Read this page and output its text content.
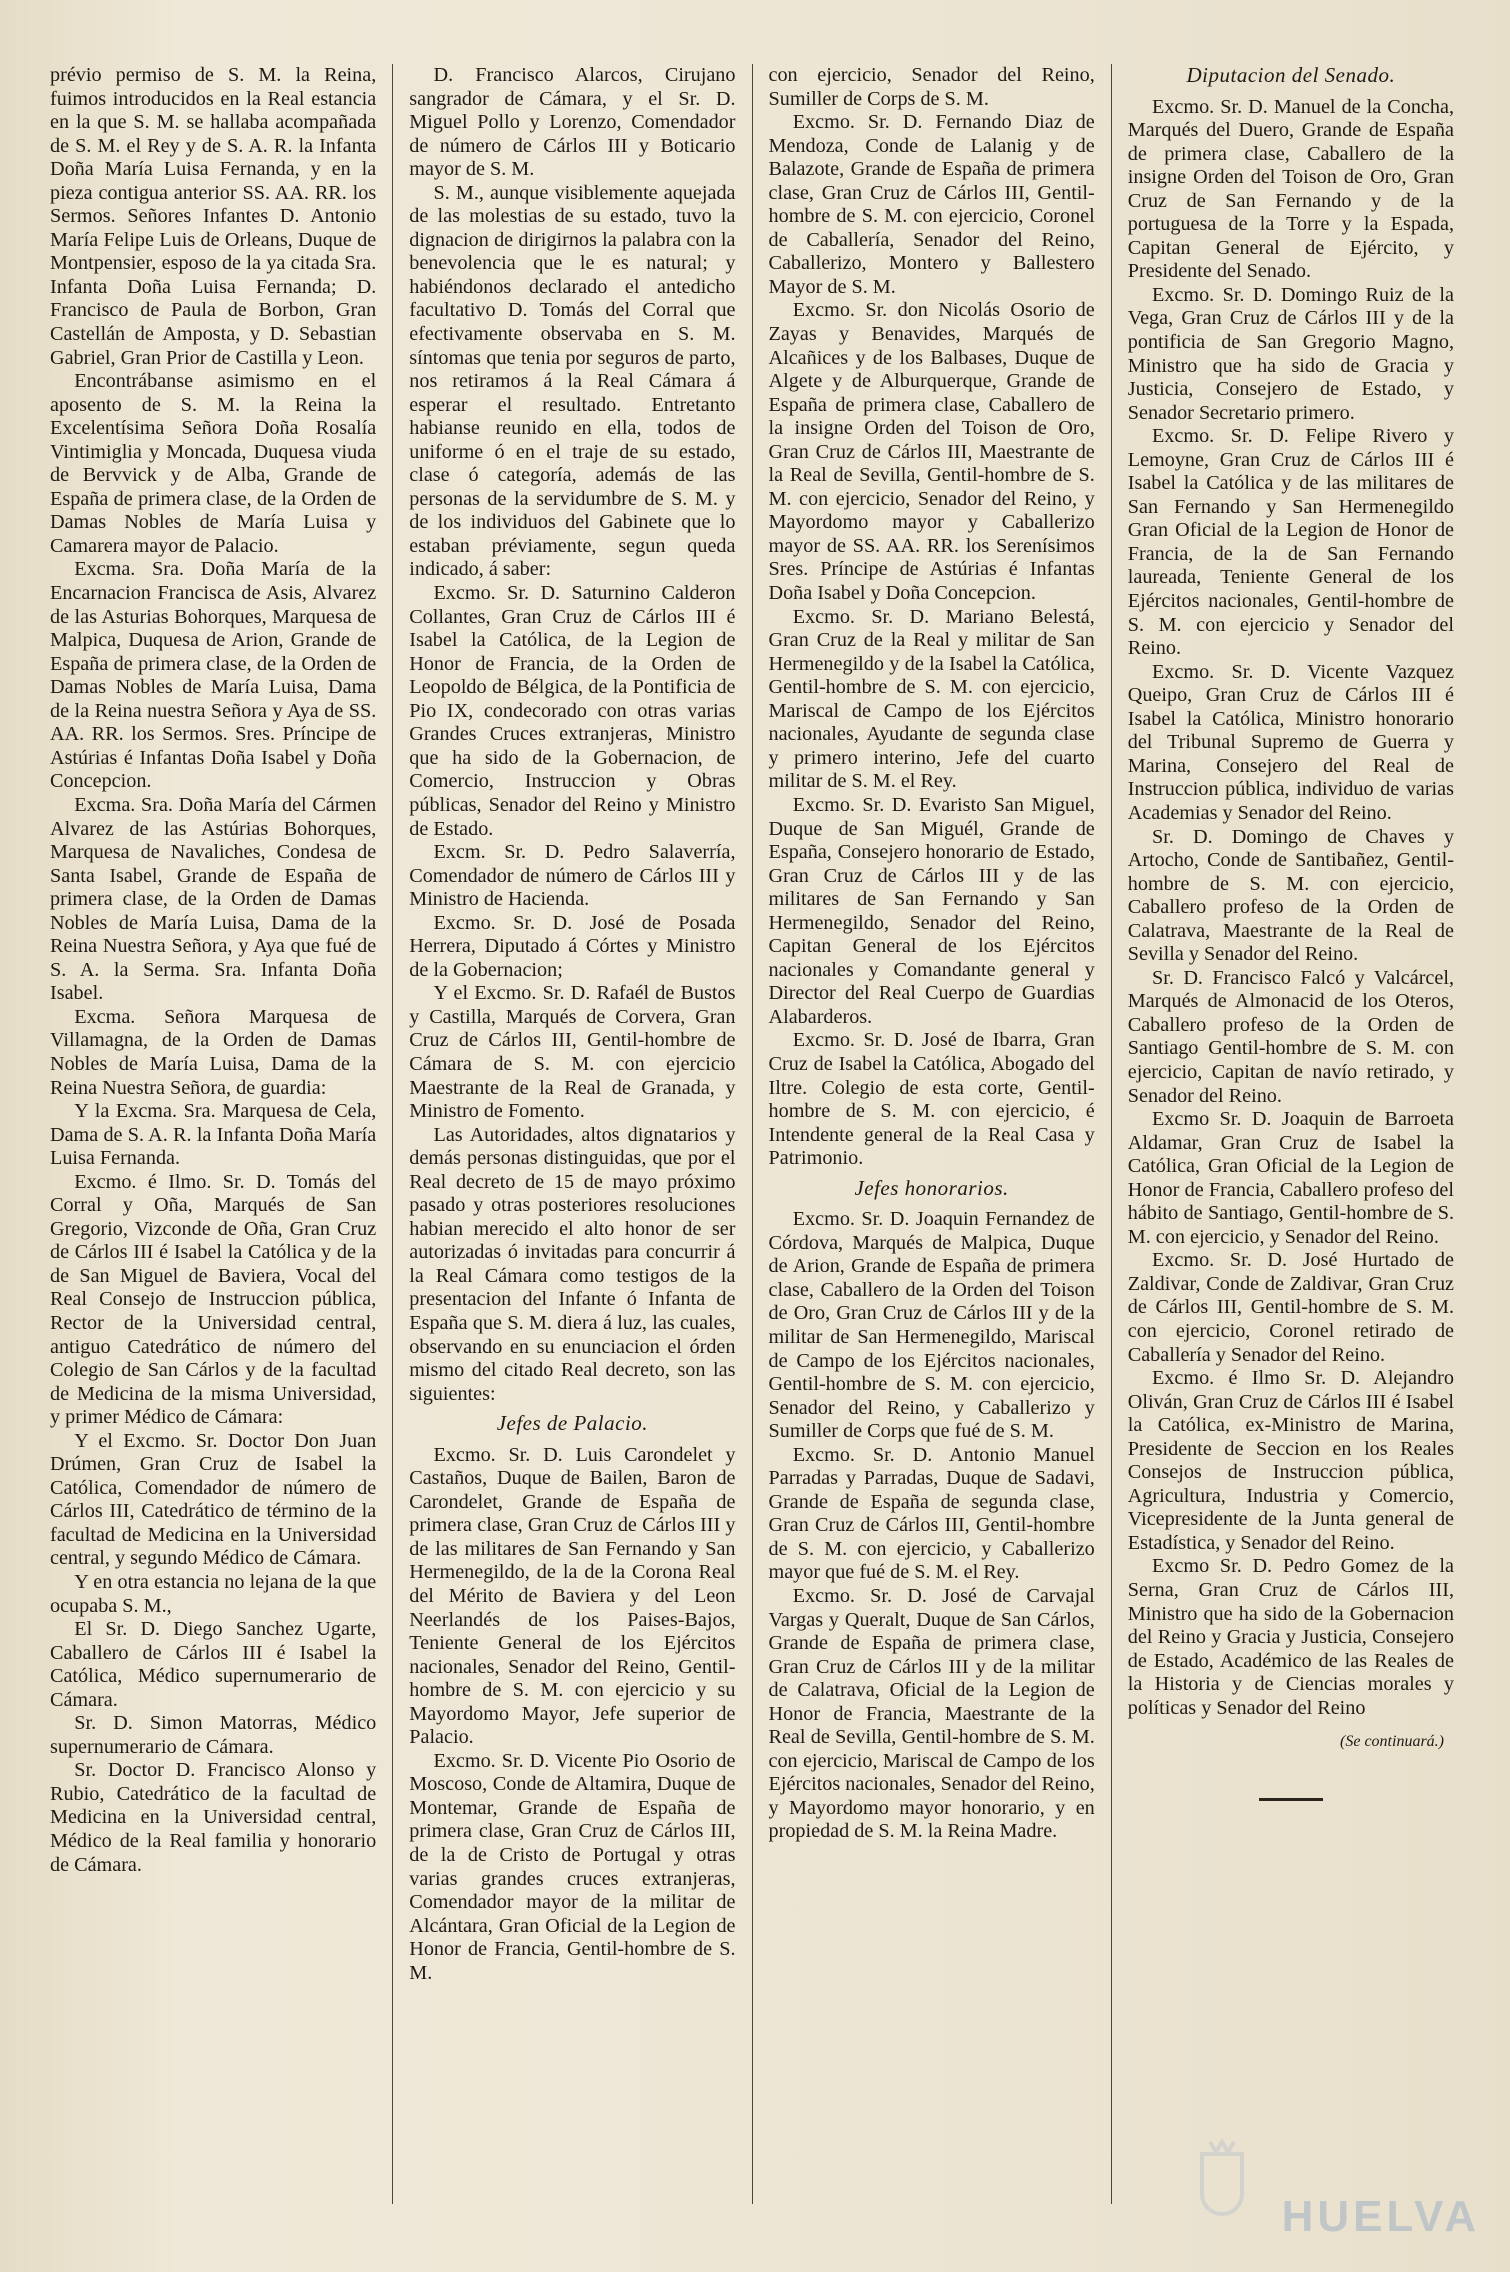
prévio permiso de S. M. la Reina, fuimos introducidos en la Real estancia en la que S. M. se hallaba acompañada de S. M. el Rey y de S. A. R. la Infanta Doña María Luisa Fernanda, y en la pieza contigua anterior SS. AA. RR. los Sermos. Señores Infantes D. Antonio María Felipe Luis de Orleans, Duque de Montpensier, esposo de la ya citada Sra. Infanta Doña Luisa Fernanda; D. Francisco de Paula de Borbon, Gran Castellán de Amposta, y D. Sebastian Gabriel, Gran Prior de Castilla y Leon.

Encontrábanse asimismo en el aposento de S. M. la Reina la Excelentísima Señora Doña Rosalía Vintimiglia y Moncada, Duquesa viuda de Bervvick y de Alba, Grande de España de primera clase, de la Orden de Damas Nobles de María Luisa y Camarera mayor de Palacio.

Excma. Sra. Doña María de la Encarnacion Francisca de Asis, Alvarez de las Asturias Bohorques, Marquesa de Malpica, Duquesa de Arion, Grande de España de primera clase, de la Orden de Damas Nobles de María Luisa, Dama de la Reina nuestra Señora y Aya de SS. AA. RR. los Sermos. Sres. Príncipe de Astúrias é Infantas Doña Isabel y Doña Concepcion.

Excma. Sra. Doña María del Cármen Alvarez de las Astúrias Bohorques, Marquesa de Navaliches, Condesa de Santa Isabel, Grande de España de primera clase, de la Orden de Damas Nobles de María Luisa, Dama de la Reina Nuestra Señora, y Aya que fué de S. A. la Serma. Sra. Infanta Doña Isabel.

Excma. Señora Marquesa de Villamagna, de la Orden de Damas Nobles de María Luisa, Dama de la Reina Nuestra Señora, de guardia:

Y la Excma. Sra. Marquesa de Cela, Dama de S. A. R. la Infanta Doña María Luisa Fernanda.

Excmo. é Ilmo. Sr. D. Tomás del Corral y Oña, Marqués de San Gregorio, Vizconde de Oña, Gran Cruz de Cárlos III é Isabel la Católica y de la de San Miguel de Baviera, Vocal del Real Consejo de Instruccion pública, Rector de la Universidad central, antiguo Catedrático de número del Colegio de San Cárlos y de la facultad de Medicina de la misma Universidad, y primer Médico de Cámara:

Y el Excmo. Sr. Doctor Don Juan Drúmen, Gran Cruz de Isabel la Católica, Comendador de número de Cárlos III, Catedrático de término de la facultad de Medicina en la Universidad central, y segundo Médico de Cámara.

Y en otra estancia no lejana de la que ocupaba S. M.,

El Sr. D. Diego Sanchez Ugarte, Caballero de Cárlos III é Isabel la Católica, Médico supernumerario de Cámara.

Sr. D. Simon Matorras, Médico supernumerario de Cámara.

Sr. Doctor D. Francisco Alonso y Rubio, Catedrático de la facultad de Medicina en la Universidad central, Médico de la Real familia y honorario de Cámara.

D. Francisco Alarcos, Cirujano sangrador de Cámara, y el Sr. D. Miguel Pollo y Lorenzo, Comendador de número de Cárlos III y Boticario mayor de S. M.

S. M., aunque visiblemente aquejada de las molestias de su estado, tuvo la dignacion de dirigirnos la palabra con la benevolencia que le es natural; y habiéndonos declarado el antedicho facultativo D. Tomás del Corral que efectivamente observaba en S. M. síntomas que tenia por seguros de parto, nos retiramos á la Real Cámara á esperar el resultado. Entretanto habianse reunido en ella, todos de uniforme ó en el traje de su estado, clase ó categoría, además de las personas de la servidumbre de S. M. y de los individuos del Gabinete que lo estaban préviamente, segun queda indicado, á saber:

Excmo. Sr. D. Saturnino Calderon Collantes, Gran Cruz de Cárlos III é Isabel la Católica, de la Legion de Honor de Francia, de la Orden de Leopoldo de Bélgica, de la Pontificia de Pio IX, condecorado con otras varias Grandes Cruces extranjeras, Ministro que ha sido de la Gobernacion, de Comercio, Instruccion y Obras públicas, Senador del Reino y Ministro de Estado.

Excm. Sr. D. Pedro Salaverría, Comendador de número de Cárlos III y Ministro de Hacienda.

Excmo. Sr. D. José de Posada Herrera, Diputado á Córtes y Ministro de la Gobernacion;

Y el Excmo. Sr. D. Rafaél de Bustos y Castilla, Marqués de Corvera, Gran Cruz de Cárlos III, Gentil-hombre de Cámara de S. M. con ejercicio Maestrante de la Real de Granada, y Ministro de Fomento.

Las Autoridades, altos dignatarios y demás personas distinguidas, que por el Real decreto de 15 de mayo próximo pasado y otras posteriores resoluciones habian merecido el alto honor de ser autorizadas ó invitadas para concurrir á la Real Cámara como testigos de la presentacion del Infante ó Infanta de España que S. M. diera á luz, las cuales, observando en su enunciacion el órden mismo del citado Real decreto, son las siguientes:

Jefes de Palacio.

Excmo. Sr. D. Luis Carondelet y Castaños, Duque de Bailen, Baron de Carondelet, Grande de España de primera clase, Gran Cruz de Cárlos III y de las militares de San Fernando y San Hermenegildo, de la de la Corona Real del Mérito de Baviera y del Leon Neerlandés de los Paises-Bajos, Teniente General de los Ejércitos nacionales, Senador del Reino, Gentil-hombre de S. M. con ejercicio y su Mayordomo Mayor, Jefe superior de Palacio.

Excmo. Sr. D. Vicente Pio Osorio de Moscoso, Conde de Altamira, Duque de Montemar, Grande de España de primera clase, Gran Cruz de Cárlos III, de la de Cristo de Portugal y otras varias grandes cruces extranjeras, Comendador mayor de la militar de Alcántara, Gran Oficial de la Legion de Honor de Francia, Gentil-hombre de S. M.

con ejercicio, Senador del Reino, Sumiller de Corps de S. M.

Excmo. Sr. D. Fernando Diaz de Mendoza, Conde de Lalanig y de Balazote, Grande de España de primera clase, Gran Cruz de Cárlos III, Gentil-hombre de S. M. con ejercicio, Coronel de Caballería, Senador del Reino, Caballerizo, Montero y Ballestero Mayor de S. M.

Excmo. Sr. don Nicolás Osorio de Zayas y Benavides, Marqués de Alcañices y de los Balbases, Duque de Algete y de Alburquerque, Grande de España de primera clase, Caballero de la insigne Orden del Toison de Oro, Gran Cruz de Cárlos III, Maestrante de la Real de Sevilla, Gentil-hombre de S. M. con ejercicio, Senador del Reino, y Mayordomo mayor y Caballerizo mayor de SS. AA. RR. los Serenísimos Sres. Príncipe de Astúrias é Infantas Doña Isabel y Doña Concepcion.

Excmo. Sr. D. Mariano Belestá, Gran Cruz de la Real y militar de San Hermenegildo y de la Isabel la Católica, Gentil-hombre de S. M. con ejercicio, Mariscal de Campo de los Ejércitos nacionales, Ayudante de segunda clase y primero interino, Jefe del cuarto militar de S. M. el Rey.

Excmo. Sr. D. Evaristo San Miguel, Duque de San Miguél, Grande de España, Consejero honorario de Estado, Gran Cruz de Cárlos III y de las militares de San Fernando y San Hermenegildo, Senador del Reino, Capitan General de los Ejércitos nacionales y Comandante general y Director del Real Cuerpo de Guardias Alabarderos.

Excmo. Sr. D. José de Ibarra, Gran Cruz de Isabel la Católica, Abogado del Iltre. Colegio de esta corte, Gentil-hombre de S. M. con ejercicio, é Intendente general de la Real Casa y Patrimonio.

Jefes honorarios.

Excmo. Sr. D. Joaquin Fernandez de Córdova, Marqués de Malpica, Duque de Arion, Grande de España de primera clase, Caballero de la Orden del Toison de Oro, Gran Cruz de Cárlos III y de la militar de San Hermenegildo, Mariscal de Campo de los Ejércitos nacionales, Gentil-hombre de S. M. con ejercicio, Senador del Reino, y Caballerizo y Sumiller de Corps que fué de S. M.

Excmo. Sr. D. Antonio Manuel Parradas y Parradas, Duque de Sadavi, Grande de España de segunda clase, Gran Cruz de Cárlos III, Gentil-hombre de S. M. con ejercicio, y Caballerizo mayor que fué de S. M. el Rey.

Excmo. Sr. D. José de Carvajal Vargas y Queralt, Duque de San Cárlos, Grande de España de primera clase, Gran Cruz de Cárlos III y de la militar de Calatrava, Oficial de la Legion de Honor de Francia, Maestrante de la Real de Sevilla, Gentil-hombre de S. M. con ejercicio, Mariscal de Campo de los Ejércitos nacionales, Senador del Reino, y Mayordomo mayor honorario, y en propiedad de S. M. la Reina Madre.

Diputacion del Senado.

Excmo. Sr. D. Manuel de la Concha, Marqués del Duero, Grande de España de primera clase, Caballero de la insigne Orden del Toison de Oro, Gran Cruz de San Fernando y de la portuguesa de la Torre y la Espada, Capitan General de Ejército, y Presidente del Senado.

Excmo. Sr. D. Domingo Ruiz de la Vega, Gran Cruz de Cárlos III y de la pontificia de San Gregorio Magno, Ministro que ha sido de Gracia y Justicia, Consejero de Estado, y Senador Secretario primero.

Excmo. Sr. D. Felipe Rivero y Lemoyne, Gran Cruz de Cárlos III é Isabel la Católica y de las militares de San Fernando y San Hermenegildo Gran Oficial de la Legion de Honor de Francia, de la de San Fernando laureada, Teniente General de los Ejércitos nacionales, Gentil-hombre de S. M. con ejercicio y Senador del Reino.

Excmo. Sr. D. Vicente Vazquez Queipo, Gran Cruz de Cárlos III é Isabel la Católica, Ministro honorario del Tribunal Supremo de Guerra y Marina, Consejero del Real de Instruccion pública, individuo de varias Academias y Senador del Reino.

Sr. D. Domingo de Chaves y Artocho, Conde de Santibañez, Gentil-hombre de S. M. con ejercicio, Caballero profeso de la Orden de Calatrava, Maestrante de la Real de Sevilla y Senador del Reino.

Sr. D. Francisco Falcó y Valcárcel, Marqués de Almonacid de los Oteros, Caballero profeso de la Orden de Santiago Gentil-hombre de S. M. con ejercicio, Capitan de navío retirado, y Senador del Reino.

Excmo Sr. D. Joaquin de Barroeta Aldamar, Gran Cruz de Isabel la Católica, Gran Oficial de la Legion de Honor de Francia, Caballero profeso del hábito de Santiago, Gentil-hombre de S. M. con ejercicio, y Senador del Reino.

Excmo. Sr. D. José Hurtado de Zaldivar, Conde de Zaldivar, Gran Cruz de Cárlos III, Gentil-hombre de S. M. con ejercicio, Coronel retirado de Caballería y Senador del Reino.

Excmo. é Ilmo Sr. D. Alejandro Oliván, Gran Cruz de Cárlos III é Isabel la Católica, ex-Ministro de Marina, Presidente de Seccion en los Reales Consejos de Instruccion pública, Agricultura, Industria y Comercio, Vicepresidente de la Junta general de Estadística, y Senador del Reino.

Excmo Sr. D. Pedro Gomez de la Serna, Gran Cruz de Cárlos III, Ministro que ha sido de la Gobernacion del Reino y Gracia y Justicia, Consejero de Estado, Académico de las Reales de la Historia y de Ciencias morales y políticas y Senador del Reino

(Se continuará.)
HUELVA
